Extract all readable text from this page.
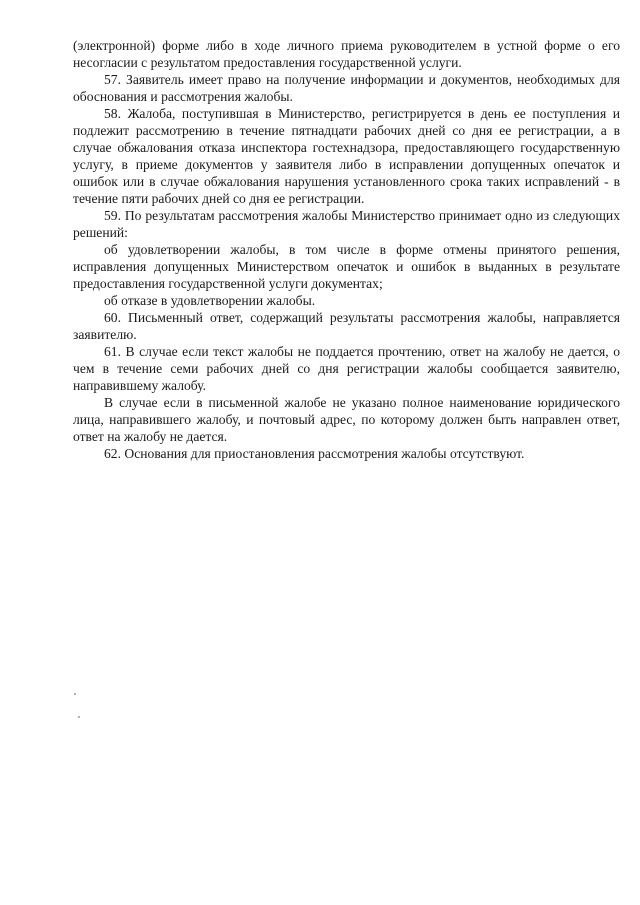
(электронной) форме либо в ходе личного приема руководителем в устной форме о его несогласии с результатом предоставления государственной услуги.

57. Заявитель имеет право на получение информации и документов, необходимых для обоснования и рассмотрения жалобы.

58. Жалоба, поступившая в Министерство, регистрируется в день ее поступления и подлежит рассмотрению в течение пятнадцати рабочих дней со дня ее регистрации, а в случае обжалования отказа инспектора гостехнадзора, предоставляющего государственную услугу, в приеме документов у заявителя либо в исправлении допущенных опечаток и ошибок или в случае обжалования нарушения установленного срока таких исправлений - в течение пяти рабочих дней со дня ее регистрации.

59. По результатам рассмотрения жалобы Министерство принимает одно из следующих решений:

об удовлетворении жалобы, в том числе в форме отмены принятого решения, исправления допущенных Министерством опечаток и ошибок в выданных в результате предоставления государственной услуги документах;

об отказе в удовлетворении жалобы.

60. Письменный ответ, содержащий результаты рассмотрения жалобы, направляется заявителю.

61. В случае если текст жалобы не поддается прочтению, ответ на жалобу не дается, о чем в течение семи рабочих дней со дня регистрации жалобы сообщается заявителю, направившему жалобу.

В случае если в письменной жалобе не указано полное наименование юридического лица, направившего жалобу, и почтовый адрес, по которому должен быть направлен ответ, ответ на жалобу не дается.

62. Основания для приостановления рассмотрения жалобы отсутствуют.
